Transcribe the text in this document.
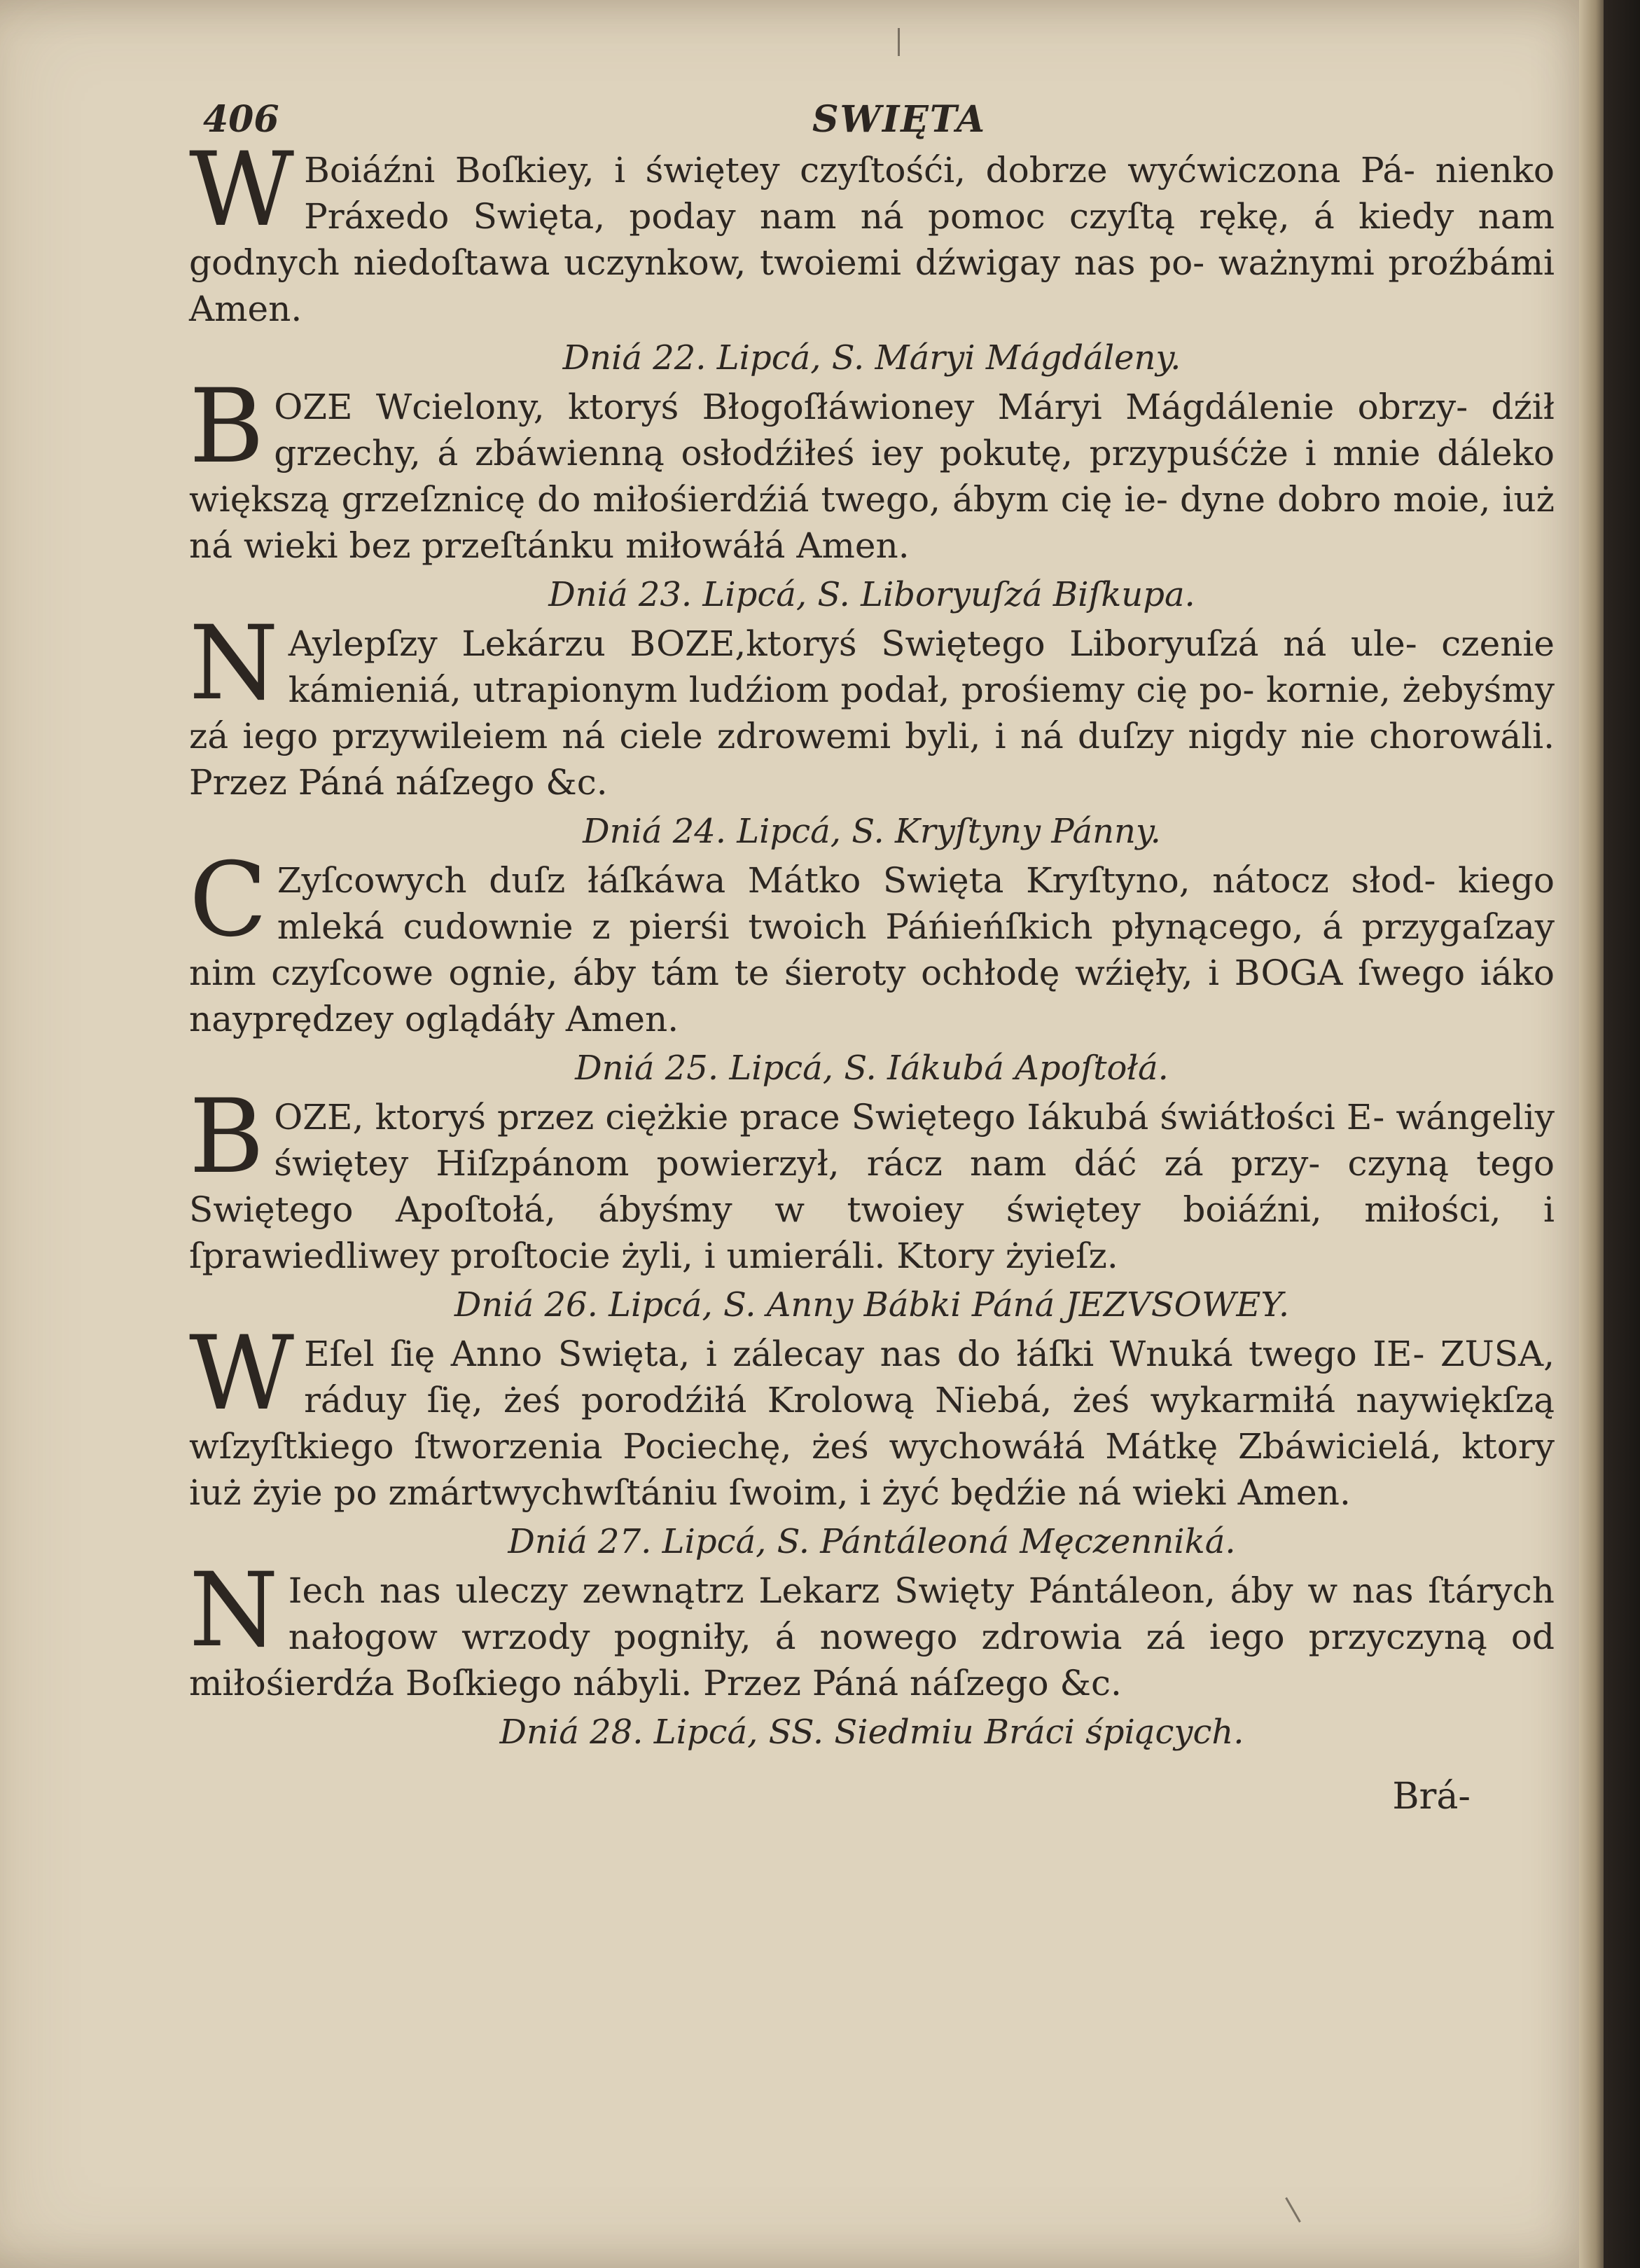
406	SWIĘTA

W Boiáźni Boſkiey, i świętey czyſtośći, dobrze wyćwiczona Pá- nienko Práxedo Swięta, poday nam ná pomoc czyſtą rękę, á kiedy nam godnych niedoſtawa uczynkow, twoiemi dźwigay nas po- ważnymi proźbámi Amen.

Dniá 22. Lipcá, S. Máryi Mágdáleny.

BOZE Wcielony, ktoryś Błogoſłáwioney Máryi Mágdálenie obrzy- dźił grzechy, á zbáwienną osłodźiłeś iey pokutę, przypuśćże i mnie dáleko większą grzeſznicę do miłośierdźiá twego, ábym cię ie- dyne dobro moie, iuż ná wieki bez przeſtánku miłowáłá Amen.

Dniá 23. Lipcá, S. Liboryuſzá Biſkupa.

N Aylepſzy Lekárzu BOZE,ktoryś Swiętego Liboryuſzá ná ule- czenie kámieniá, utrapionym ludźiom podał, prośiemy cię po- kornie, żebyśmy zá iego przywileiem ná ciele zdrowemi byli, i ná duſzy nigdy nie chorowáli. Przez Páná náſzego &c.

Dniá 24. Lipcá, S. Kryſtyny Pánny.

C Zyſcowych duſz łáſkáwa Mátko Swięta Kryſtyno, nátocz słod- kiego mleká cudownie z pierśi twoich Páńieńſkich płynącego, á przygaſzay nim czyſcowe ognie, áby tám te śieroty ochłodę wźięły, i BOGA ſwego iáko nayprędzey oglądáły Amen.

Dniá 25. Lipcá, S. Iákubá Apoſtołá.

BOZE, ktoryś przez ciężkie prace Swiętego Iákubá świátłości E- wángeliy świętey Hiſzpánom powierzył, rácz nam dáć zá przy- czyną tego Swiętego Apoſtołá, ábyśmy w twoiey świętey boiáźni, miłości, i ſprawiedliwey proſtocie żyli, i umieráli. Ktory żyieſz.

Dniá 26. Lipcá, S. Anny Bábki Páná JEZVSOWEY.

W Eſel ſię Anno Swięta, i zálecay nas do łáſki Wnuká twego IE- ZUSA, ráduy ſię, żeś porodźiłá Krolową Niebá, żeś wykarmiłá naywiękſzą wſzyſtkiego ſtworzenia Pociechę, żeś wychowáłá Mátkę Zbáwicielá, ktory iuż żyie po zmártwychwſtániu ſwoim, i żyć będźie ná wieki Amen.

Dniá 27. Lipcá, S. Pántáleoná Męczenniká.

N Iech nas uleczy zewnątrz Lekarz Swięty Pántáleon, áby w nas ſtárych nałogow wrzody pogniły, á nowego zdrowia zá iego przyczyną od miłośierdźa Boſkiego nábyli. Przez Páná náſzego &c.

Dniá 28. Lipcá, SS. Siedmiu Bráci śpiących.

Brá-
